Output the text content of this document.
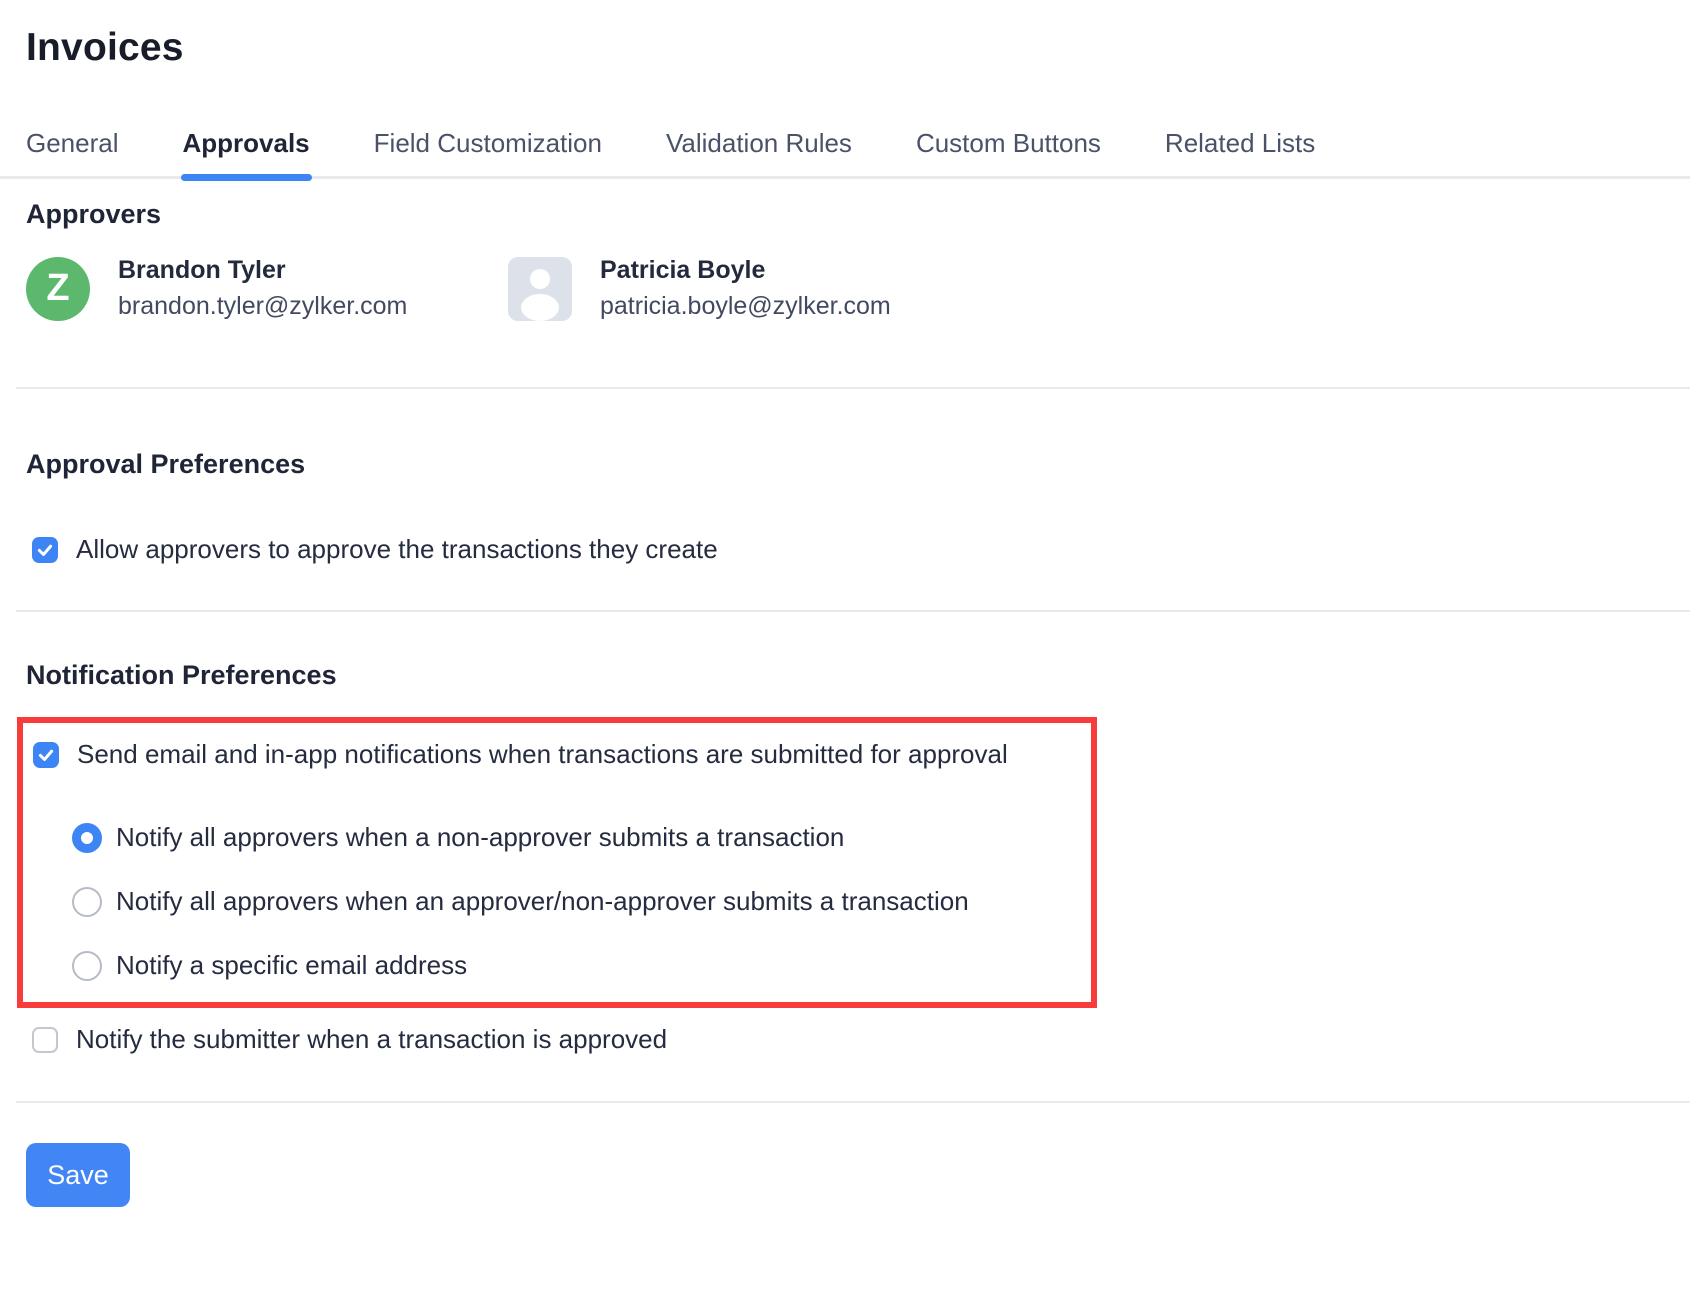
Invoices
General Approvals Field Customization Validation Rules Custom Buttons Related Lists
Approvers
Z	Brandon Tyler
brandon.tyler@zylker.com
Patricia Boyle
patricia.boyle@zylker.com
Approval Preferences
Allow approvers to approve the transactions they create
Notification Preferences
Send email and in-app notifications when transactions are submitted for approval
Notify all approvers when a non-approver submits a transaction
Notify all approvers when an approver/non-approver submits a transaction
Notify a specific email address
Notify the submitter when a transaction is approved
Save
